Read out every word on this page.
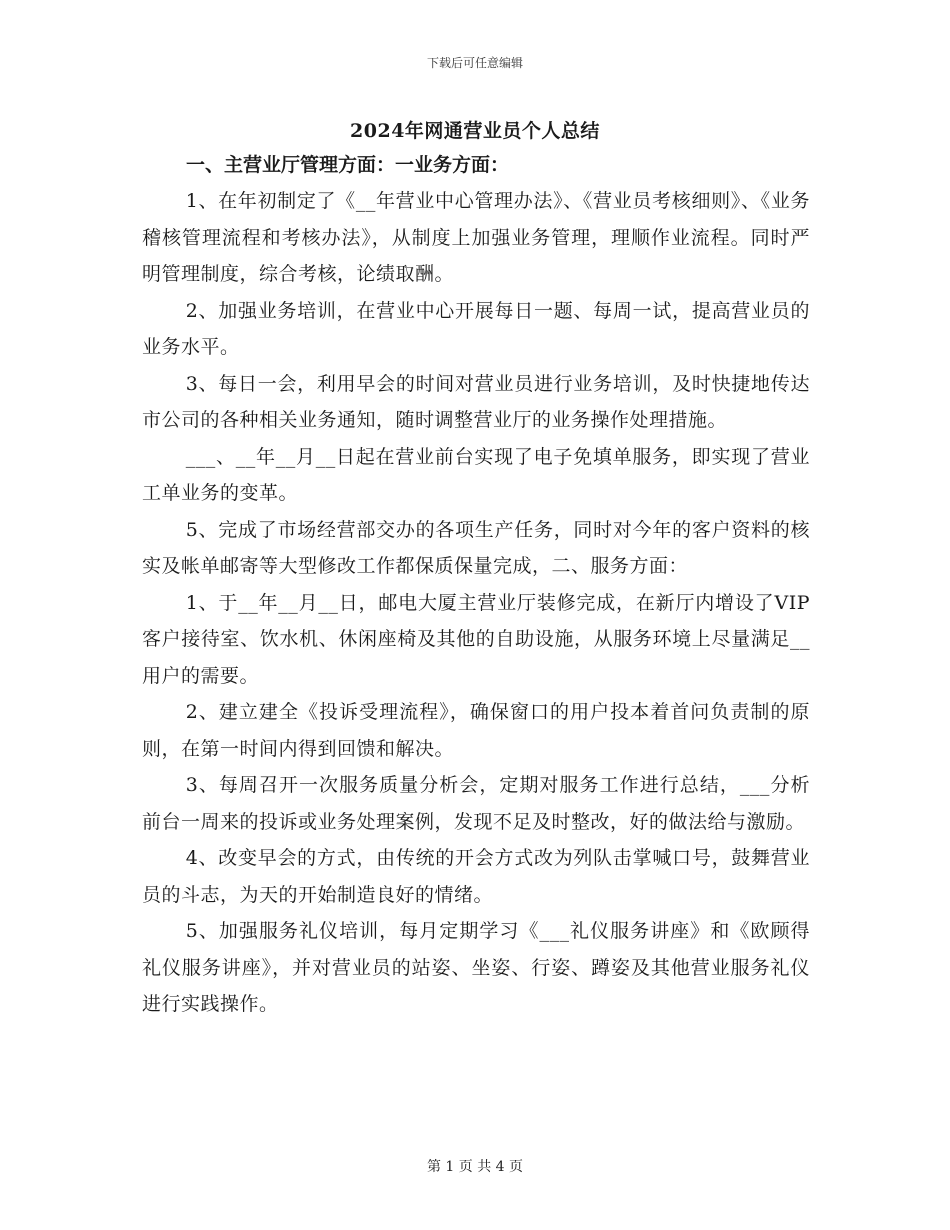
下载后可任意编辑
2024年网通营业员个人总结

一、主营业厅管理方面：一业务方面：

1、在年初制定了《__年营业中心管理办法》、《营业员考核细则》、《业务稽核管理流程和考核办法》，从制度上加强业务管理，理顺作业流程。同时严明管理制度，综合考核，论绩取酬。

2、加强业务培训，在营业中心开展每日一题、每周一试，提高营业员的业务水平。

3、每日一会，利用早会的时间对营业员进行业务培训，及时快捷地传达市公司的各种相关业务通知，随时调整营业厅的业务操作处理措施。

___、__年__月__日起在营业前台实现了电子免填单服务，即实现了营业工单业务的变革。

5、完成了市场经营部交办的各项生产任务，同时对今年的客户资料的核实及帐单邮寄等大型修改工作都保质保量完成，二、服务方面：

1、于__年__月__日，邮电大厦主营业厅装修完成，在新厅内增设了VIP客户接待室、饮水机、休闲座椅及其他的自助设施，从服务环境上尽量满足__用户的需要。

2、建立建全《投诉受理流程》，确保窗口的用户投本着首问负责制的原则，在第一时间内得到回馈和解决。

3、每周召开一次服务质量分析会，定期对服务工作进行总结，___分析前台一周来的投诉或业务处理案例，发现不足及时整改，好的做法给与激励。

4、改变早会的方式，由传统的开会方式改为列队击掌喊口号，鼓舞营业员的斗志，为天的开始制造良好的情绪。

5、加强服务礼仪培训，每月定期学习《___礼仪服务讲座》和《欧顾得礼仪服务讲座》，并对营业员的站姿、坐姿、行姿、蹲姿及其他营业服务礼仪进行实践操作。

第 1 页 共 4 页
